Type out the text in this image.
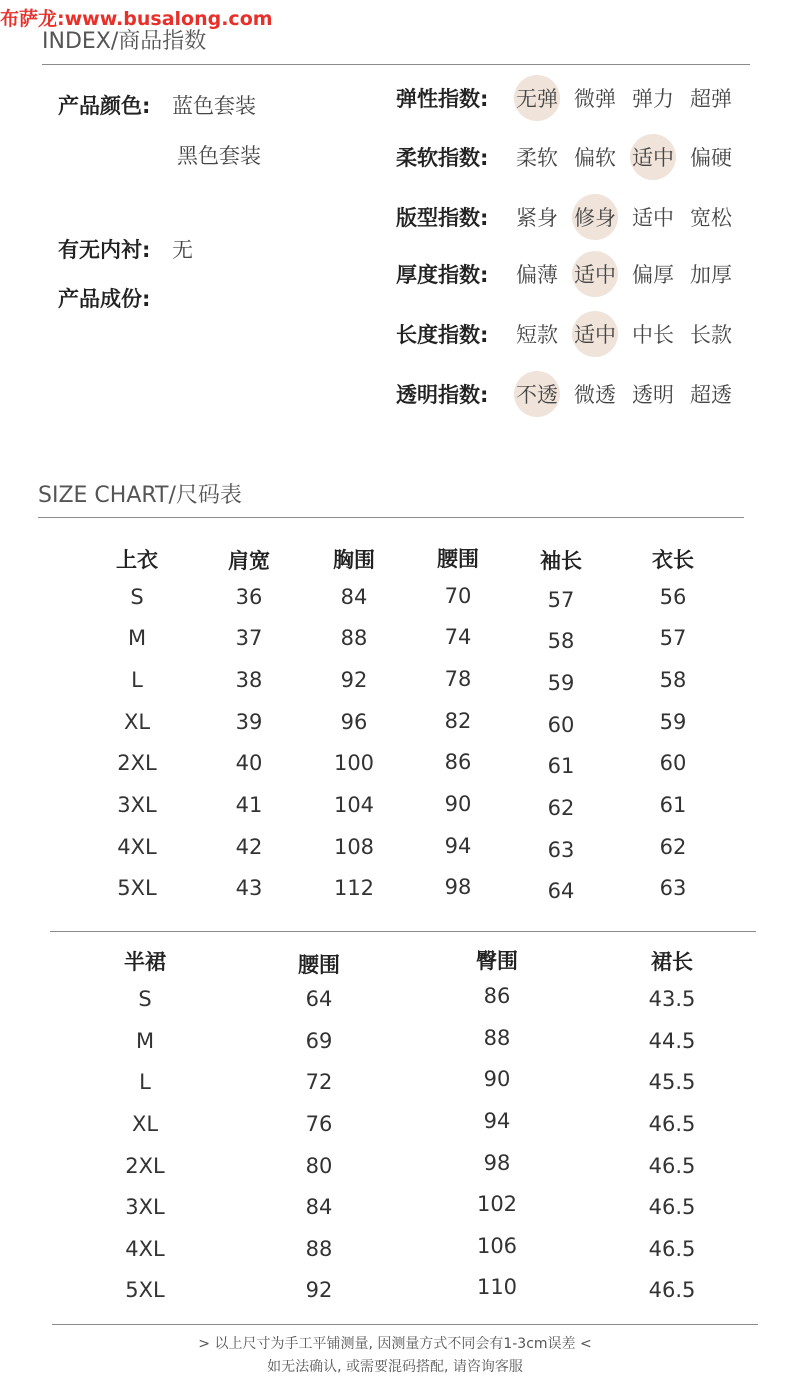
布萨龙:www.busalong.com
INDEX/商品指数
产品颜色: 蓝色套装
黑色套装
有无内衬: 无
产品成份:
弹性指数:	无弹 微弹 弹力 超弹
柔软指数:	柔软 偏软 适中 偏硬
版型指数:	紧身 修身 适中 宽松
厚度指数:	偏薄 适中 偏厚 加厚
长度指数:	短款 适中 中长 长款
透明指数:	不透 微透 透明 超透
SIZE CHART/尺码表
上衣	肩宽	胸围	腰围	袖长	衣长
S	36	84	70	57	56
M	37	88	74	58	57
L	38	92	78	59	58
XL	39	96	82	60	59
2XL	40	100	86	61	60
3XL	41	104	90	62	61
4XL	42	108	94	63	62
5XL	43	112	98	64	63
半裙	腰围	臀围	裙长
S	64	86	43.5
M	69	88	44.5
L	72	90	45.5
XL	76	94	46.5
2XL	80	98	46.5
3XL	84	102	46.5
4XL	88	106	46.5
5XL	92	110	46.5
> 以上尺寸为手工平铺测量, 因测量方式不同会有1-3cm误差 <
如无法确认, 或需要混码搭配, 请咨询客服
